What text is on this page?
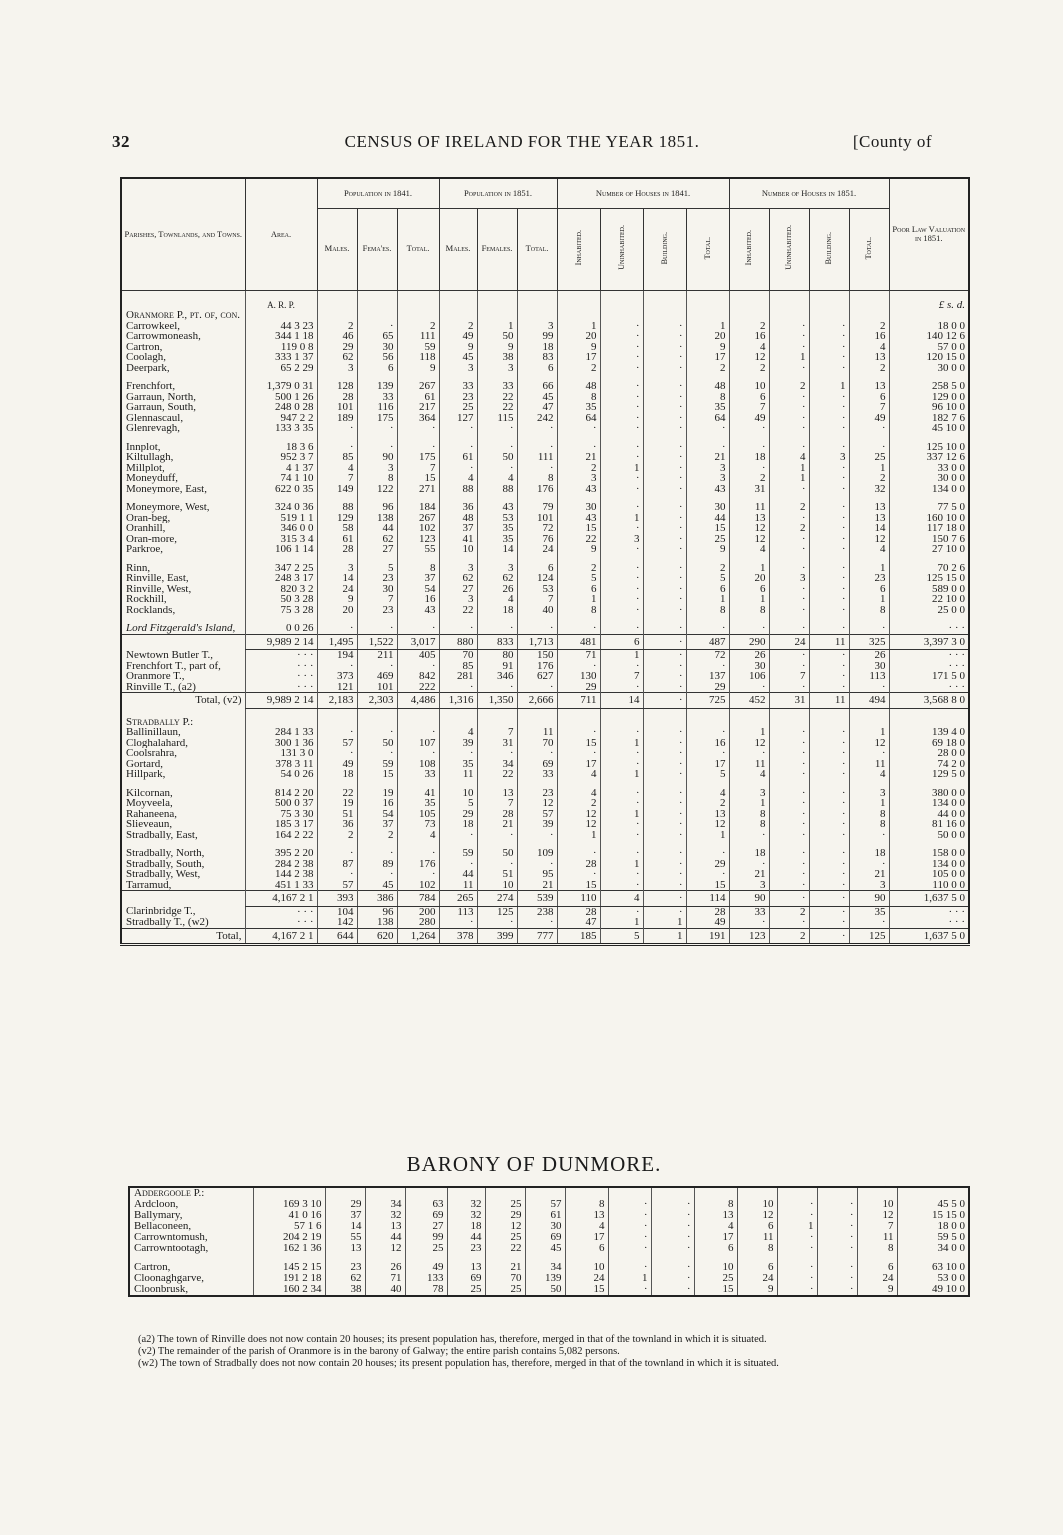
32	CENSUS OF IRELAND FOR THE YEAR 1851.	[County of
Parishes, Townlands, and Towns.	Area.	Population in 1841.			Population in 1851.			Number of Houses in 1841.				Number of Houses in 1851.				Poor Law Valuation in 1851.
		Males.	Fema'es.	Total.	Males.	Females.	Total.	Inhabited.	Uninhabited.	Building.	Total.	Inhabited.	Uninhabited.	Building.	Total.	
	A. R. P.															£ s. d.
Oranmore P., pt. of, con.																
Carrowkeel,	44 3 23	2	·	2	2	1	3	1	·	·	1	2	·	·	2	18 0 0
Carrowmoneash,	344 1 18	46	65	111	49	50	99	20	·	·	20	16	·	·	16	140 12 6
Cartron,	119 0 8	29	30	59	9	9	18	9	·	·	9	4	·	·	4	57 0 0
Coolagh,	333 1 37	62	56	118	45	38	83	17	·	·	17	12	1	·	13	120 15 0
Deerpark,	65 2 29	3	6	9	3	3	6	2	·	·	2	2	·	·	2	30 0 0

Frenchfort,	1,379 0 31	128	139	267	33	33	66	48	·	·	48	10	2	1	13	258 5 0
Garraun, North,	500 1 26	28	33	61	23	22	45	8	·	·	8	6	·	·	6	129 0 0
Garraun, South,	248 0 28	101	116	217	25	22	47	35	·	·	35	7	·	·	7	96 10 0
Glennascaul,	947 2 2	189	175	364	127	115	242	64	·	·	64	49	·	·	49	182 7 6
Glenrevagh,	133 3 35	·	·	·	·	·	·	·	·	·	·	·	·	·	·	45 10 0

Innplot,	18 3 6	·	·	·	·	·	·	·	·	·	·	·	·	·	·	125 10 0
Kiltullagh,	952 3 7	85	90	175	61	50	111	21	·	·	21	18	4	3	25	337 12 6
Millplot,	4 1 37	4	3	7	·	·	·	2	1	·	3	·	1	·	1	33 0 0
Moneyduff,	74 1 10	7	8	15	4	4	8	3	·	·	3	2	1	·	2	30 0 0
Moneymore, East,	622 0 35	149	122	271	88	88	176	43	·	·	43	31	·	·	32	134 0 0

Moneymore, West,	324 0 36	88	96	184	36	43	79	30	·	·	30	11	2	·	13	77 5 0
Oran-beg,	519 1 1	129	138	267	48	53	101	43	1	·	44	13	·	·	13	160 10 0
Oranhill,	346 0 0	58	44	102	37	35	72	15	·	·	15	12	2	·	14	117 18 0
Oran-more,	315 3 4	61	62	123	41	35	76	22	3	·	25	12	·	·	12	150 7 6
Parkroe,	106 1 14	28	27	55	10	14	24	9	·	·	9	4	·	·	4	27 10 0

Rinn,	347 2 25	3	5	8	3	3	6	2	·	·	2	1	·	·	1	70 2 6
Rinville, East,	248 3 17	14	23	37	62	62	124	5	·	·	5	20	3	·	23	125 15 0
Rinville, West,	820 3 2	24	30	54	27	26	53	6	·	·	6	6	·	·	6	589 0 0
Rockhill,	50 3 28	9	7	16	3	4	7	1	·	·	1	1	·	·	1	22 10 0
Rocklands,	75 3 28	20	23	43	22	18	40	8	·	·	8	8	·	·	8	25 0 0

Lord Fitzgerald's Island,	0 0 26	·	·	·	·	·	·	·	·	·	·	·	·	·	·	· · ·
	9,989 2 14	1,495	1,522	3,017	880	833	1,713	481	6	·	487	290	24	11	325	3,397 3 0
Newtown Butler T.,	· · ·	194	211	405	70	80	150	71	1	·	72	26	·	·	26	· · ·
Frenchfort T., part of,	· · ·	·	·	·	85	91	176	·	·	·	·	30	·	·	30	· · ·
Oranmore T.,	· · ·	373	469	842	281	346	627	130	7	·	137	106	7	·	113	171 5 0
Rinville T., (a2)	· · ·	121	101	222	·	·	·	29	·	·	29	·	·	·	·	· · ·
Total, (v2)	9,989 2 14	2,183	2,303	4,486	1,316	1,350	2,666	711	14	·	725	452	31	11	494	3,568 8 0

Stradbally P.:																
Ballinillaun,	284 1 33	·	·	·	4	7	11	·	·	·	·	1	·	·	1	139 4 0
Cloghalahard,	300 1 36	57	50	107	39	31	70	15	1	·	16	12	·	·	12	69 18 0
Coolsrahra,	131 3 0	·	·	·	·	·	·	·	·	·	·	·	·	·	·	28 0 0
Gortard,	378 3 11	49	59	108	35	34	69	17	·	·	17	11	·	·	11	74 2 0
Hillpark,	54 0 26	18	15	33	11	22	33	4	1	·	5	4	·	·	4	129 5 0

Kilcornan,	814 2 20	22	19	41	10	13	23	4	·	·	4	3	·	·	3	380 0 0
Moyveela,	500 0 37	19	16	35	5	7	12	2	·	·	2	1	·	·	1	134 0 0
Rahaneena,	75 3 30	51	54	105	29	28	57	12	1	·	13	8	·	·	8	44 0 0
Slieveaun,	185 3 17	36	37	73	18	21	39	12	·	·	12	8	·	·	8	81 16 0
Stradbally, East,	164 2 22	2	2	4	·	·	·	1	·	·	1	·	·	·	·	50 0 0

Stradbally, North,	395 2 20	·	·	·	59	50	109	·	·	·	·	18	·	·	18	158 0 0
Stradbally, South,	284 2 38	87	89	176	·	·	·	28	1	·	29	·	·	·	·	134 0 0
Stradbally, West,	144 2 38	·	·	·	44	51	95	·	·	·	·	21	·	·	21	105 0 0
Tarramud,	451 1 33	57	45	102	11	10	21	15	·	·	15	3	·	·	3	110 0 0
	4,167 2 1	393	386	784	265	274	539	110	4	·	114	90	·	·	90	1,637 5 0
Clarinbridge T.,	· · ·	104	96	200	113	125	238	28	·	·	28	33	2	·	35	· · ·
Stradbally T., (w2)	· · ·	142	138	280	·	·	·	47	1	1	49	·	·	·	·	· · ·
Total,	4,167 2 1	644	620	1,264	378	399	777	185	5	1	191	123	2	·	125	1,637 5 0
BARONY OF DUNMORE.
Addergoole P.:																
Ardcloon,	169 3 10	29	34	63	32	25	57	8	·	·	8	10	·	·	10	45 5 0
Ballymary,	41 0 16	37	32	69	32	29	61	13	·	·	13	12	·	·	12	15 15 0
Bellaconeen,	57 1 6	14	13	27	18	12	30	4	·	·	4	6	1	·	7	18 0 0
Carrowntomush,	204 2 19	55	44	99	44	25	69	17	·	·	17	11	·	·	11	59 5 0
Carrowntootagh,	162 1 36	13	12	25	23	22	45	6	·	·	6	8	·	·	8	34 0 0

Cartron,	145 2 15	23	26	49	13	21	34	10	·	·	10	6	·	·	6	63 10 0
Cloonaghgarve,	191 2 18	62	71	133	69	70	139	24	1	·	25	24	·	·	24	53 0 0
Cloonbrusk,	160 2 34	38	40	78	25	25	50	15	·	·	15	9	·	·	9	49 10 0
(a2) The town of Rinville does not now contain 20 houses; its present population has, therefore, merged in that of the townland in which it is situated.
(v2) The remainder of the parish of Oranmore is in the barony of Galway; the entire parish contains 5,082 persons.
(w2) The town of Stradbally does not now contain 20 houses; its present population has, therefore, merged in that of the townland in which it is situated.
